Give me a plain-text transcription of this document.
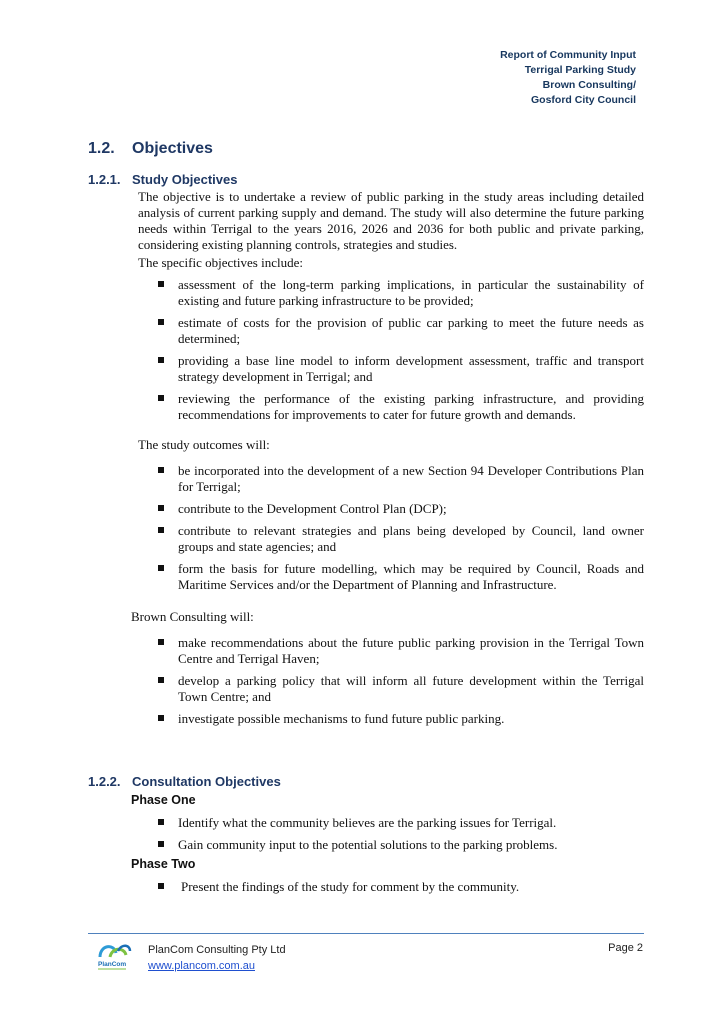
Report of Community Input
Terrigal Parking Study
Brown Consulting/
Gosford City Council
1.2. Objectives
1.2.1. Study Objectives

The objective is to undertake a review of public parking in the study areas including detailed analysis of current parking supply and demand. The study will also determine the future parking needs within Terrigal to the years 2016, 2026 and 2036 for both public and private parking, considering existing planning controls, strategies and studies.

The specific objectives include:

assessment of the long-term parking implications, in particular the sustainability of existing and future parking infrastructure to be provided;
estimate of costs for the provision of public car parking to meet the future needs as determined;
providing a base line model to inform development assessment, traffic and transport strategy development in Terrigal; and
reviewing the performance of the existing parking infrastructure, and providing recommendations for improvements to cater for future growth and demands.

The study outcomes will:

be incorporated into the development of a new Section 94 Developer Contributions Plan for Terrigal;
contribute to the Development Control Plan (DCP);
contribute to relevant strategies and plans being developed by Council, land owner groups and state agencies; and
form the basis for future modelling, which may be required by Council, Roads and Maritime Services and/or the Department of Planning and Infrastructure.

Brown Consulting will:

make recommendations about the future public parking provision in the Terrigal Town Centre and Terrigal Haven;
develop a parking policy that will inform all future development within the Terrigal Town Centre; and
investigate possible mechanisms to fund future public parking.
1.2.2. Consultation Objectives
Phase One
Identify what the community believes are the parking issues for Terrigal.
Gain community input to the potential solutions to the parking problems.
Phase Two
Present the findings of the study for comment by the community.
PlanCom
PlanCom Consulting Pty Ltd
www.plancom.com.au
Page 2
